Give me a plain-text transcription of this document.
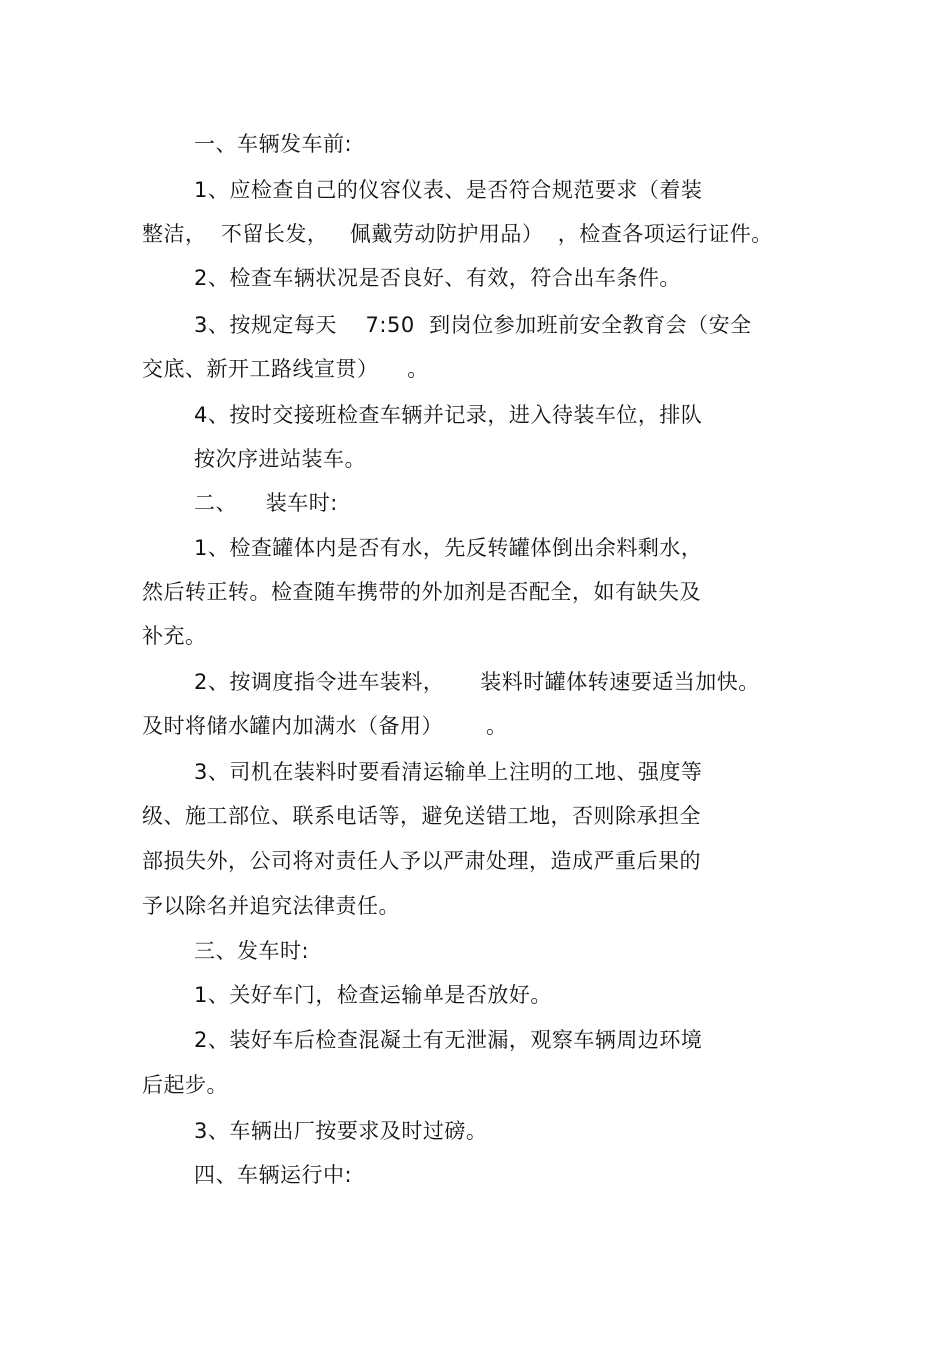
一、车辆发车前:
1、应检查自己的仪容仪表、是否符合规范要求（着装
整洁，  不留长发，   佩戴劳动防护用品）  ，检查各项运行证件。
2、检查车辆状况是否良好、有效，符合出车条件。
3、按规定每天    7:50  到岗位参加班前安全教育会（安全
交底、新开工路线宣贯）    。
4、按时交接班检查车辆并记录，进入待装车位，排队
按次序进站装车。
二、    装车时:
1、检查罐体内是否有水，先反转罐体倒出余料剩水，
然后转正转。检查随车携带的外加剂是否配全，如有缺失及
补充。
2、按调度指令进车装料，     装料时罐体转速要适当加快。
及时将储水罐内加满水（备用）      。
3、司机在装料时要看清运输单上注明的工地、强度等
级、施工部位、联系电话等，避免送错工地，否则除承担全
部损失外，公司将对责任人予以严肃处理，造成严重后果的
予以除名并追究法律责任。
三、发车时:
1、关好车门，检查运输单是否放好。
2、装好车后检查混凝土有无泄漏，观察车辆周边环境
后起步。
3、车辆出厂按要求及时过磅。
四、车辆运行中:
